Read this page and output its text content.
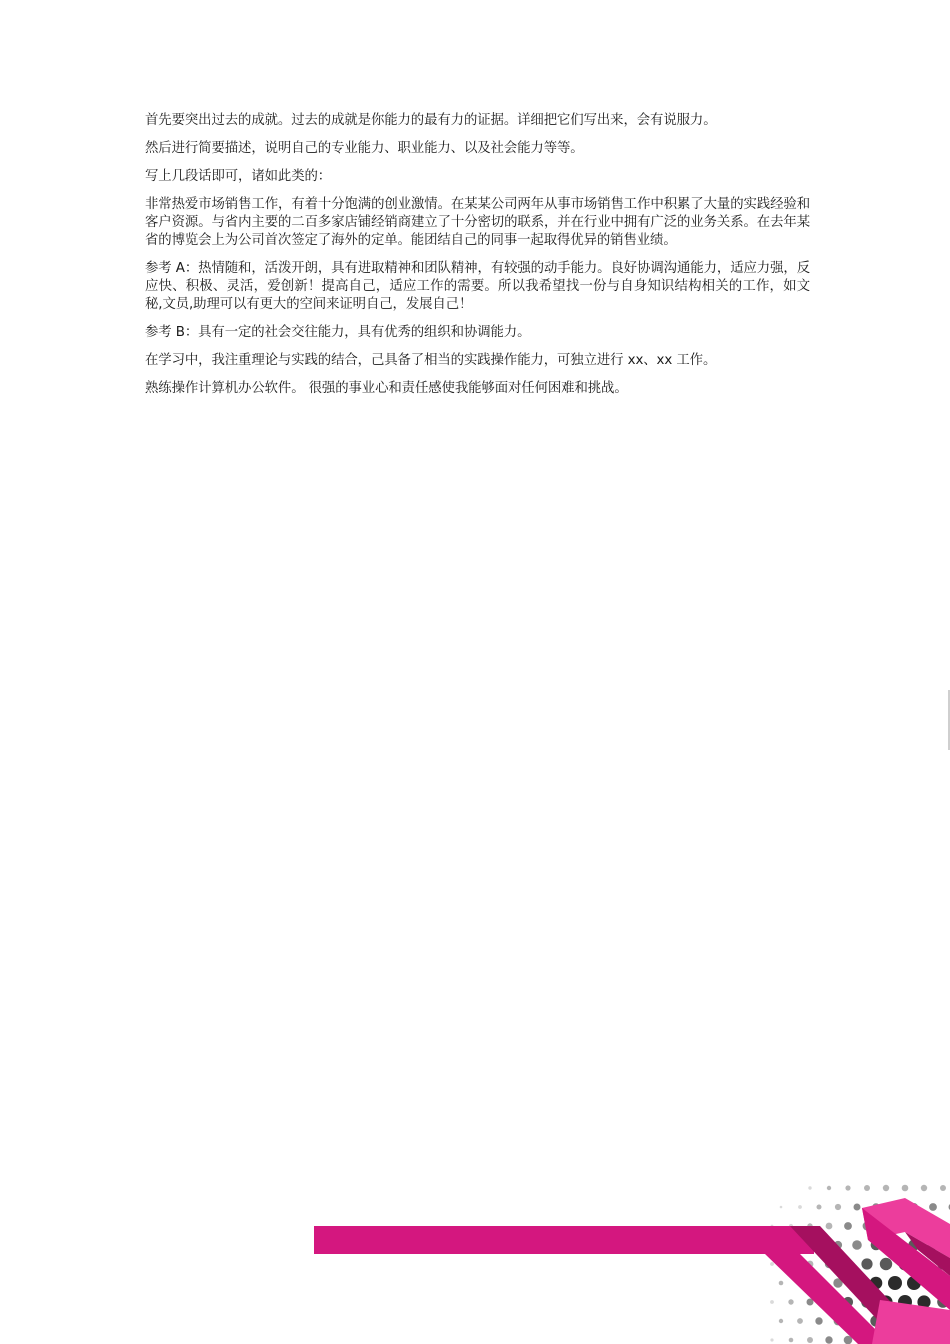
首先要突出过去的成就。过去的成就是你能力的最有力的证据。详细把它们写出来，会有说服力。

然后进行简要描述，说明自己的专业能力、职业能力、以及社会能力等等。

写上几段话即可，诸如此类的：

非常热爱市场销售工作，有着十分饱满的创业激情。在某某公司两年从事市场销售工作中积累了大量的实践经验和客户资源。与省内主要的二百多家店铺经销商建立了十分密切的联系，并在行业中拥有广泛的业务关系。在去年某省的博览会上为公司首次签定了海外的定单。能团结自己的同事一起取得优异的销售业绩。

参考 A：热情随和，活泼开朗，具有进取精神和团队精神，有较强的动手能力。良好协调沟通能力，适应力强，反应快、积极、灵活，爱创新！提高自己，适应工作的需要。所以我希望找一份与自身知识结构相关的工作，如文秘,文员,助理可以有更大的空间来证明自己，发展自己！

参考 B：具有一定的社会交往能力，具有优秀的组织和协调能力。

在学习中，我注重理论与实践的结合，己具备了相当的实践操作能力，可独立进行 xx、xx 工作。

熟练操作计算机办公软件。 很强的事业心和责任感使我能够面对任何困难和挑战。
